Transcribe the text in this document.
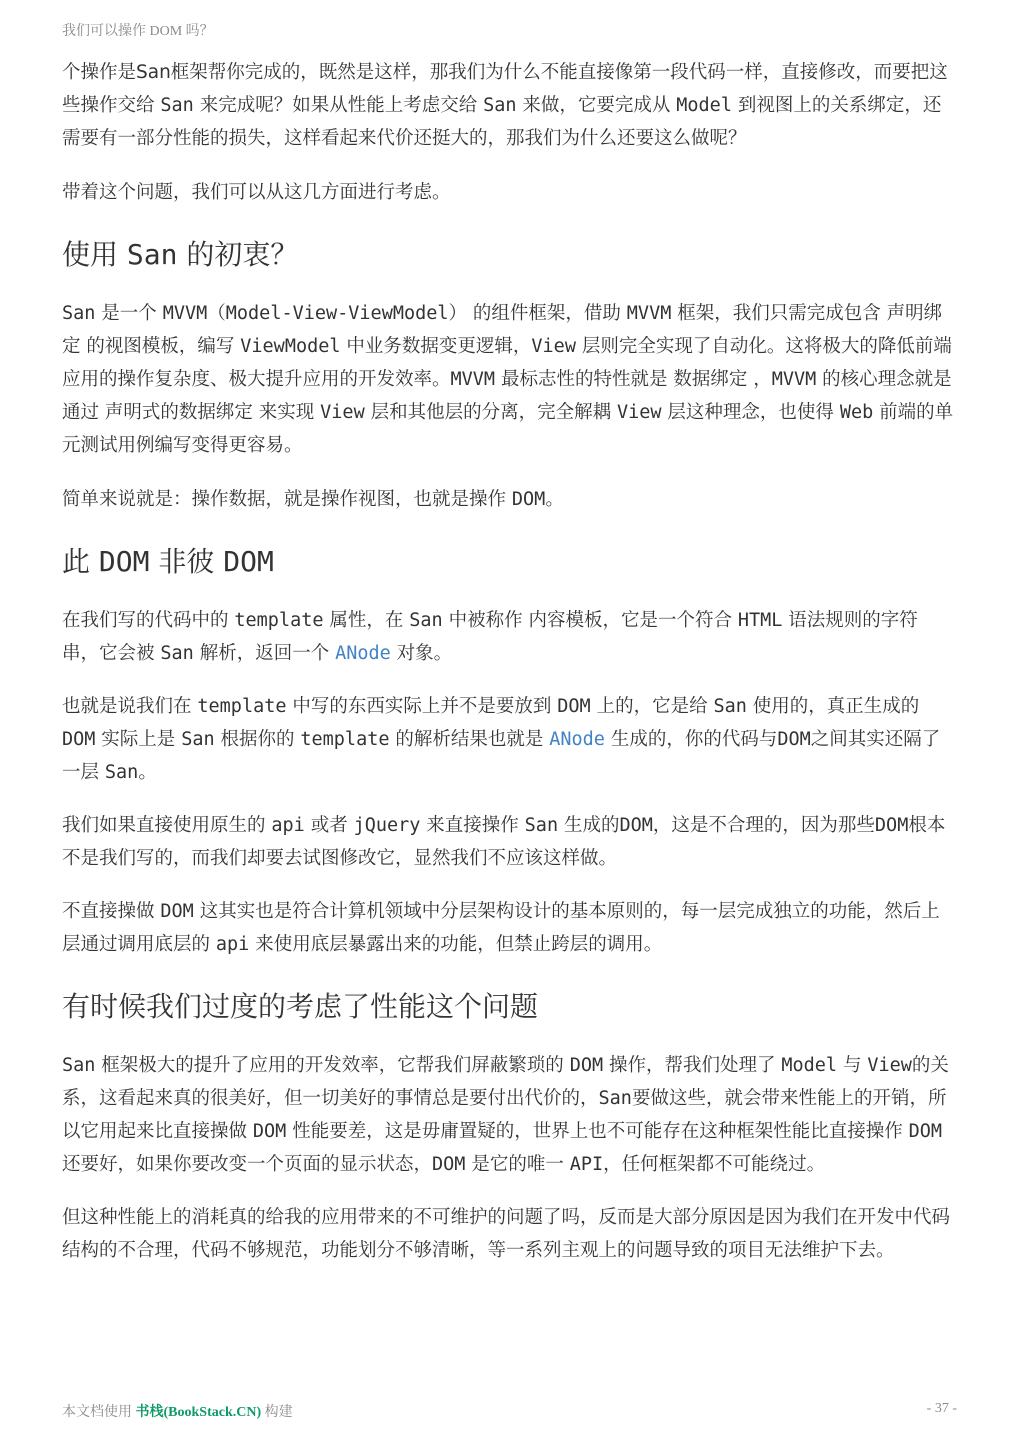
我们可以操作 DOM 吗？

个操作是San框架帮你完成的，既然是这样，那我们为什么不能直接像第一段代码一样，直接修改，而要把这些操作交给 San 来完成呢？如果从性能上考虑交给 San 来做，它要完成从 Model 到视图上的关系绑定，还需要有一部分性能的损失，这样看起来代价还挺大的，那我们为什么还要这么做呢？

带着这个问题，我们可以从这几方面进行考虑。

使用 San 的初衷？

San 是一个 MVVM（Model-View-ViewModel） 的组件框架，借助 MVVM 框架，我们只需完成包含 声明绑定 的视图模板，编写 ViewModel 中业务数据变更逻辑，View 层则完全实现了自动化。这将极大的降低前端应用的操作复杂度、极大提升应用的开发效率。MVVM 最标志性的特性就是 数据绑定 ，MVVM 的核心理念就是通过 声明式的数据绑定 来实现 View 层和其他层的分离，完全解耦 View 层这种理念，也使得 Web 前端的单元测试用例编写变得更容易。

简单来说就是：操作数据，就是操作视图，也就是操作 DOM。

此 DOM 非彼 DOM

在我们写的代码中的 template 属性，在 San 中被称作 内容模板，它是一个符合 HTML 语法规则的字符串，它会被 San 解析，返回一个 ANode 对象。

也就是说我们在 template 中写的东西实际上并不是要放到 DOM 上的，它是给 San 使用的，真正生成的 DOM 实际上是 San 根据你的 template 的解析结果也就是 ANode 生成的，你的代码与DOM之间其实还隔了一层 San。

我们如果直接使用原生的 api 或者 jQuery 来直接操作 San 生成的DOM，这是不合理的，因为那些DOM根本不是我们写的，而我们却要去试图修改它，显然我们不应该这样做。

不直接操做 DOM 这其实也是符合计算机领域中分层架构设计的基本原则的，每一层完成独立的功能，然后上层通过调用底层的 api 来使用底层暴露出来的功能，但禁止跨层的调用。

有时候我们过度的考虑了性能这个问题

San 框架极大的提升了应用的开发效率，它帮我们屏蔽繁琐的 DOM 操作，帮我们处理了 Model 与 View的关系，这看起来真的很美好，但一切美好的事情总是要付出代价的，San要做这些，就会带来性能上的开销，所以它用起来比直接操做 DOM 性能要差，这是毋庸置疑的，世界上也不可能存在这种框架性能比直接操作 DOM 还要好，如果你要改变一个页面的显示状态，DOM 是它的唯一 API，任何框架都不可能绕过。

但这种性能上的消耗真的给我的应用带来的不可维护的问题了吗，反而是大部分原因是因为我们在开发中代码结构的不合理，代码不够规范，功能划分不够清晰，等一系列主观上的问题导致的项目无法维护下去。

本文档使用 书栈(BookStack.CN) 构建	- 37 -
